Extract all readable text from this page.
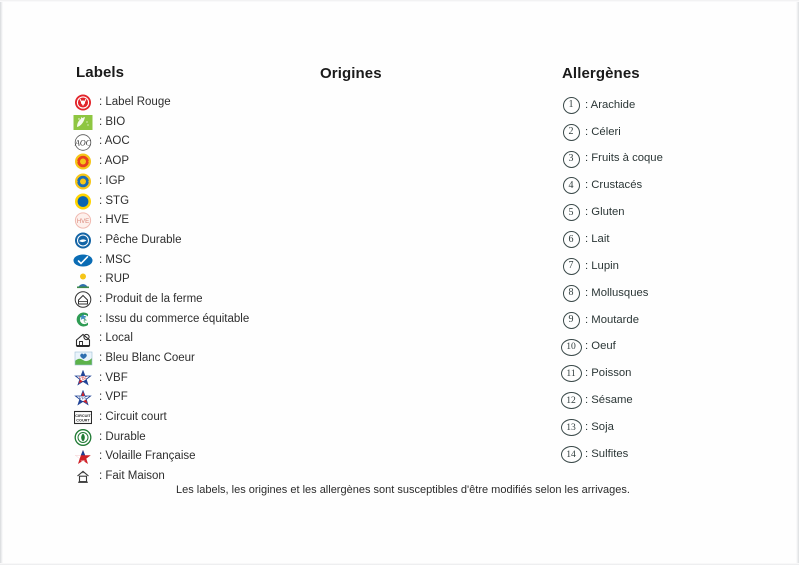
Labels	Origines	Allergènes
: Label Rouge
: BIO
AOC : AOC
: AOP
: IGP
: STG
HVE : HVE
: Pêche Durable
: MSC
: RUP
: Produit de la ferme
é : Issu du commerce équitable
: Local
: Bleu Blanc Coeur
VBF : VBF
VPF : VPF
CIRCUIT
COURT : Circuit court
: Durable
VF : Volaille Française
: Fait Maison
1	: Arachide
2	: Céleri
3	: Fruits à coque
4	: Crustacés
5	: Gluten
6	: Lait
7	: Lupin
8	: Mollusques
9	: Moutarde
10 : Oeuf
11 : Poisson
12 : Sésame
13 : Soja
14 : Sulfites
Les labels, les origines et les allergènes sont susceptibles d'être modifiés selon les arrivages.
